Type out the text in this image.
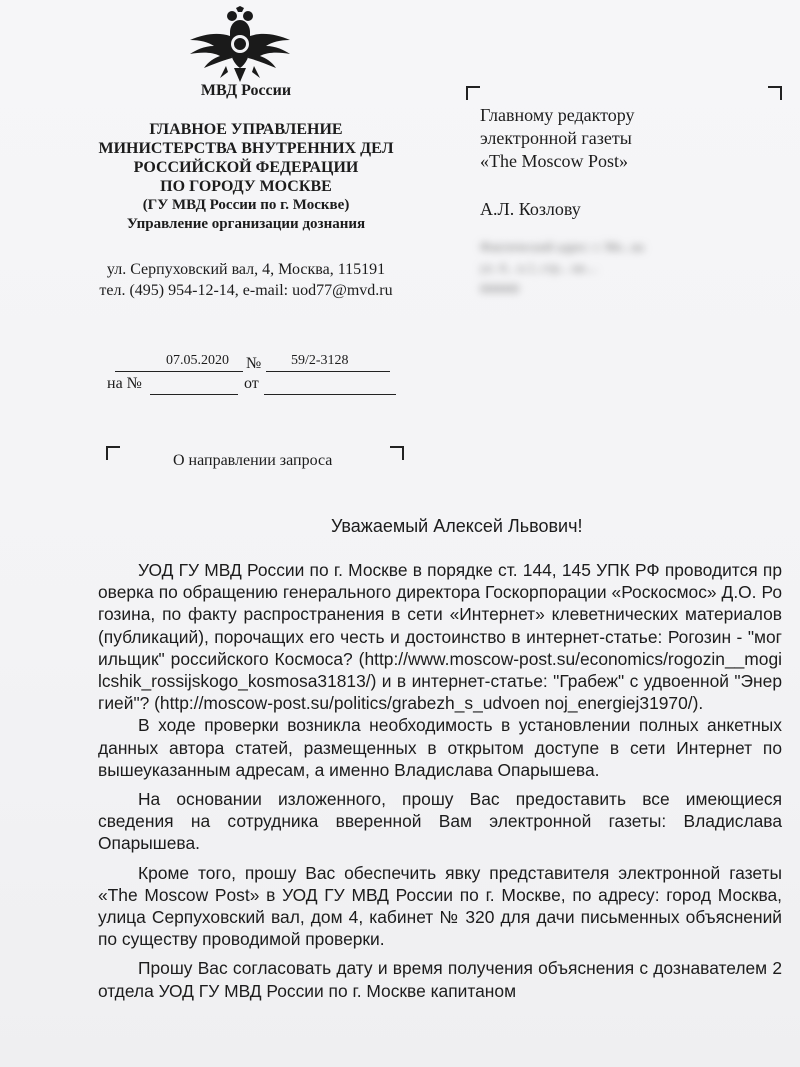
МВД России
ГЛАВНОЕ УПРАВЛЕНИЕ
МИНИСТЕРСТВА ВНУТРЕННИХ ДЕЛ
РОССИЙСКОЙ ФЕДЕРАЦИИ
ПО ГОРОДУ МОСКВЕ
(ГУ МВД России по г. Москве)
Управление организации дознания
ул. Серпуховский вал, 4, Москва, 115191
тел. (495) 954-12-14, e-mail: uod77@mvd.ru
07.05.2020 № 59/2-3128
на №	от
Главному редактору
электронной газеты
«The Moscow Post»
А.Л. Козлову
Фактический адрес: г. Мо...ва
ул. 4... к.1, стр... кв....
000000
О направлении запроса
Уважаемый Алексей Львович!

УОД ГУ МВД России по г. Москве в порядке ст. 144, 145 УПК РФ проводится проверка по обращению генерального директора Госкорпорации «Роскосмос» Д.О. Рогозина, по факту распространения в сети «Интернет» клеветнических материалов (публикаций), порочащих его честь и достоинство в интернет-статье: Рогозин - "могильщик" российского Космоса? (http://www.moscow-post.su/economics/rogozin__mogilcshik_rossijskogo_kosmosa31813/) и в интернет-статье: "Грабеж" с удвоенной "Энергией"? (http://moscow-post.su/politics/grabezh_s_udvoen noj_energiej31970/).

В ходе проверки возникла необходимость в установлении полных анкетных данных автора статей, размещенных в открытом доступе в сети Интернет по вышеуказанным адресам, а именно Владислава Опарышева.

На основании изложенного, прошу Вас предоставить все имеющиеся сведения на сотрудника вверенной Вам электронной газеты: Владислава Опарышева.

Кроме того, прошу Вас обеспечить явку представителя электронной газеты «The Moscow Post» в УОД ГУ МВД России по г. Москве, по адресу: город Москва, улица Серпуховский вал, дом 4, кабинет № 320 для дачи письменных объяснений по существу проводимой проверки.

Прошу Вас согласовать дату и время получения объяснения с дознавателем 2 отдела УОД ГУ МВД России по г. Москве капитаном
